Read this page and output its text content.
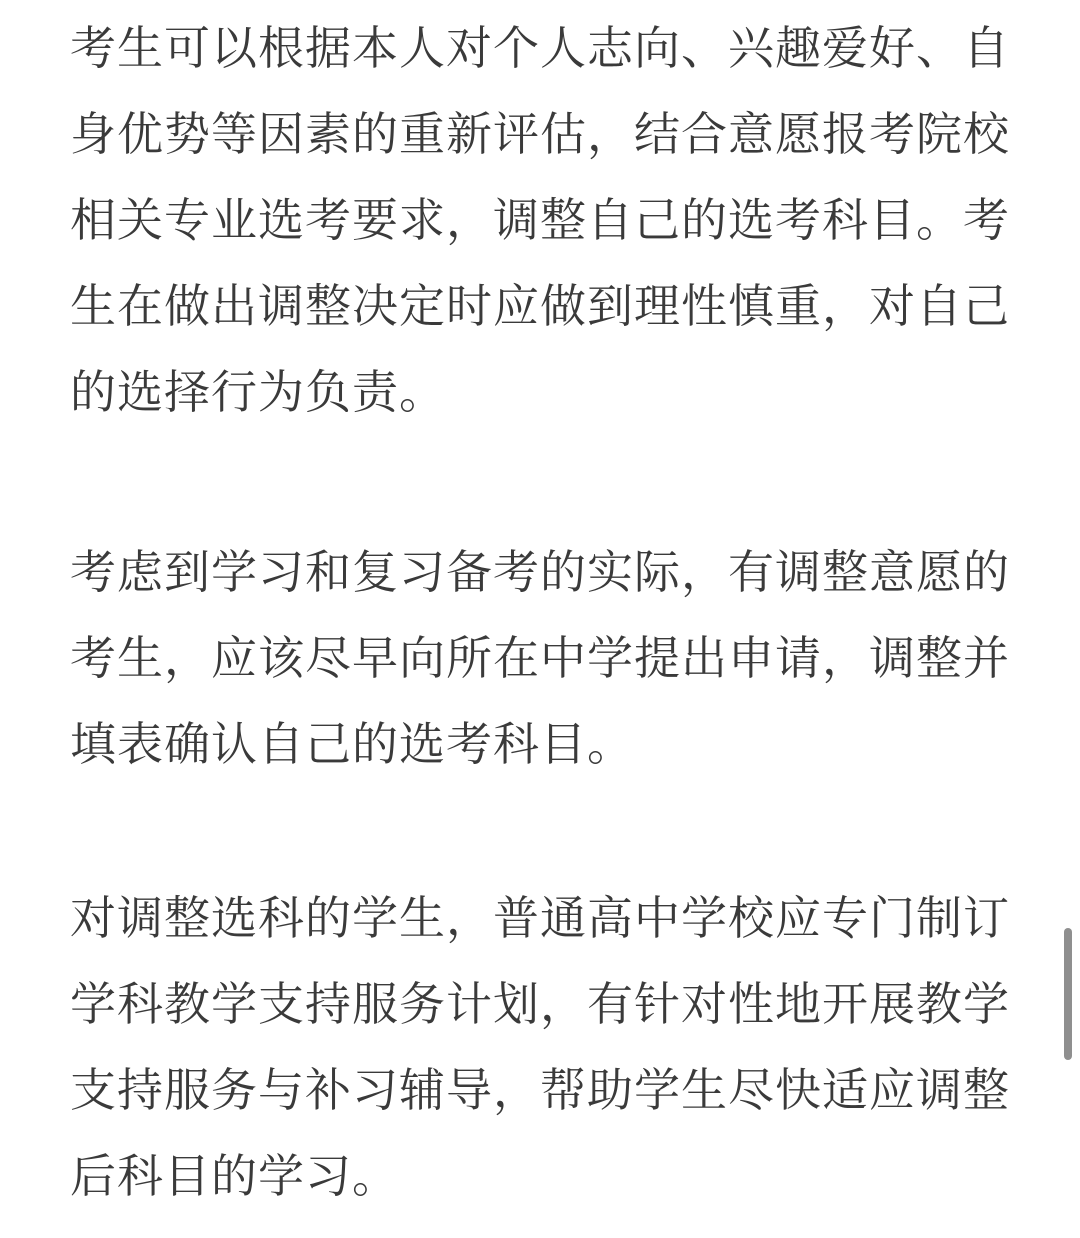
考生可以根据本人对个人志向、兴趣爱好、自身优势等因素的重新评估，结合意愿报考院校相关专业选考要求，调整自己的选考科目。考生在做出调整决定时应做到理性慎重，对自己的选择行为负责。
考虑到学习和复习备考的实际，有调整意愿的考生，应该尽早向所在中学提出申请，调整并填表确认自己的选考科目。
对调整选科的学生，普通高中学校应专门制订学科教学支持服务计划，有针对性地开展教学支持服务与补习辅导，帮助学生尽快适应调整后科目的学习。
